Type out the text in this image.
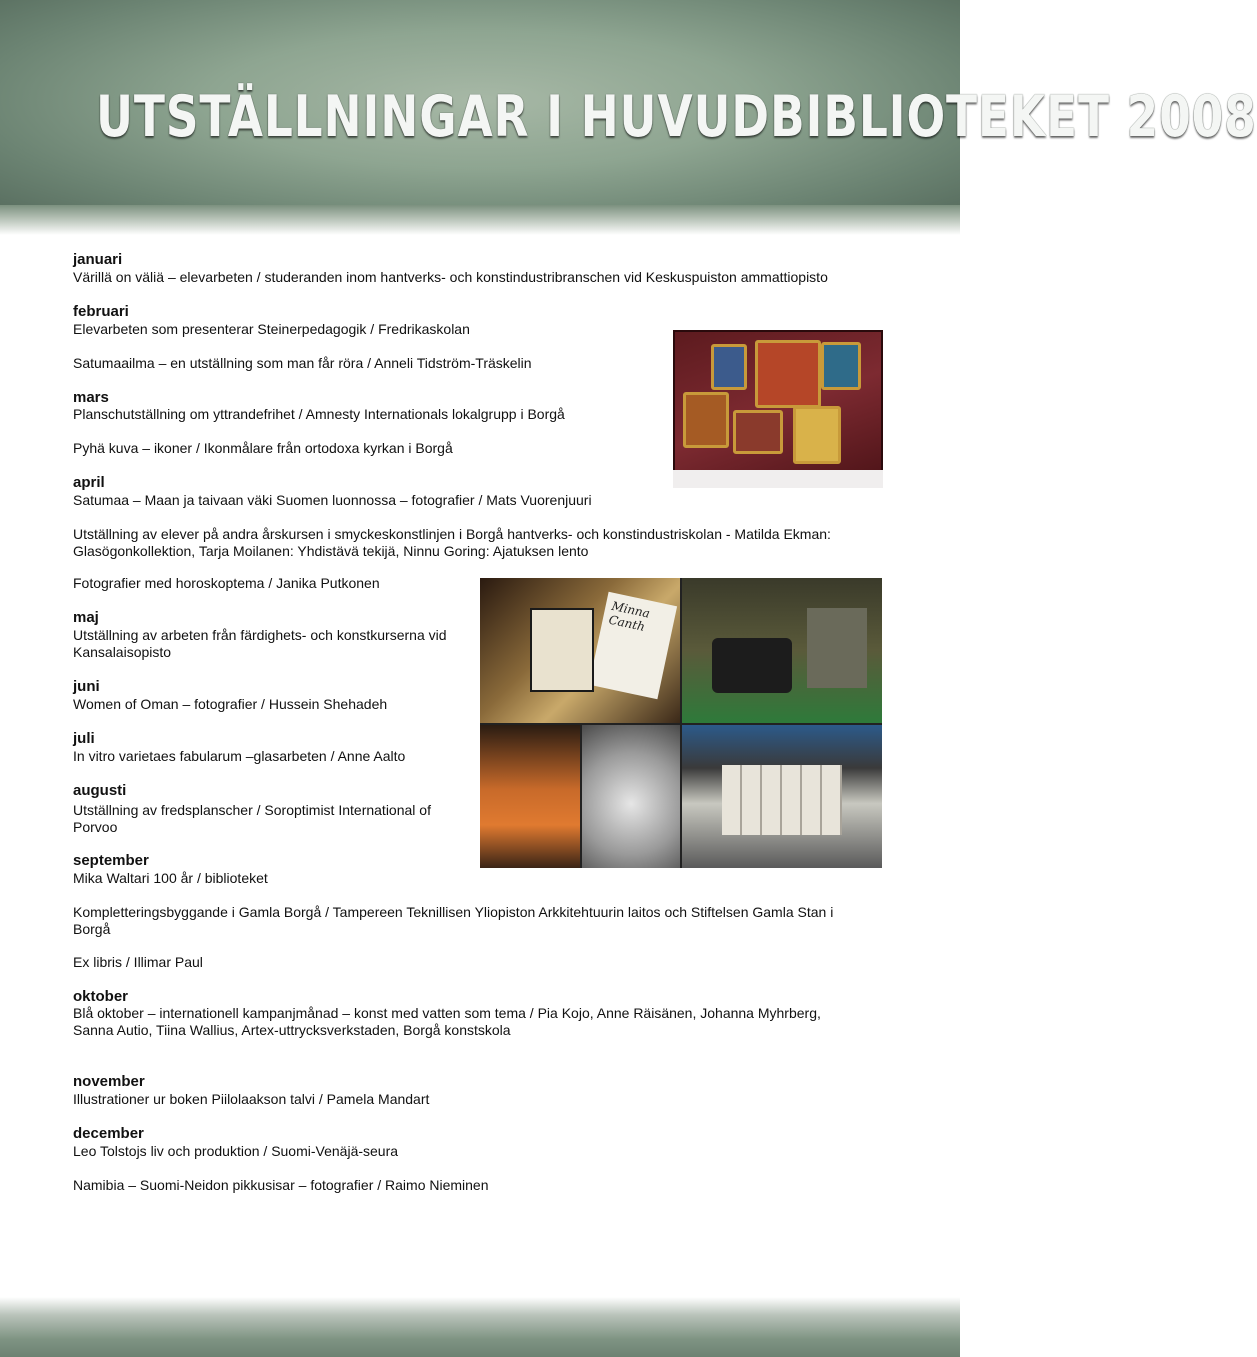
UTSTÄLLNINGAR I HUVUDBIBLIOTEKET 2008
januari
Värillä on väliä – elevarbeten / studeranden inom hantverks- och konstindustribranschen vid Keskuspuiston ammattiopisto
februari
Elevarbeten som presenterar Steinerpedagogik / Fredrikaskolan
Satumaailma – en utställning som man får röra / Anneli Tidström-Träskelin
mars
Planschutställning om yttrandefrihet / Amnesty Internationals lokalgrupp i Borgå
Pyhä kuva – ikoner / Ikonmålare från ortodoxa kyrkan i Borgå
april
Satumaa – Maan ja taivaan väki Suomen luonnossa – fotografier / Mats Vuorenjuuri
Utställning av elever på andra årskursen i smyckeskonstlinjen i Borgå hantverks- och konstindustriskolan - Matilda Ekman: Glasögonkollektion, Tarja Moilanen: Yhdistävä tekijä, Ninnu Goring: Ajatuksen lento
Fotografier med horoskoptema / Janika Putkonen
maj
Utställning av arbeten från färdighets- och konstkurserna vid Kansalaisopisto
juni
Women of Oman – fotografier / Hussein Shehadeh
juli
In vitro varietaes fabularum –glasarbeten / Anne Aalto
augusti
Utställning av fredsplanscher / Soroptimist International of Porvoo
september
Mika Waltari 100 år / biblioteket
Kompletteringsbyggande i Gamla Borgå / Tampereen Teknillisen Yliopiston Arkkitehtuurin laitos och Stiftelsen Gamla Stan i Borgå
Ex libris / Illimar Paul
oktober
Blå oktober – internationell kampanjmånad – konst med vatten som tema / Pia Kojo, Anne Räisänen, Johanna Myhrberg, Sanna Autio, Tiina Wallius, Artex-uttrycksverkstaden, Borgå konstskola
november
Illustrationer ur boken Piilolaakson talvi / Pamela Mandart
december
Leo Tolstojs liv och produktion / Suomi-Venäjä-seura
Namibia – Suomi-Neidon pikkusisar – fotografier / Raimo Nieminen
Minna Canth
